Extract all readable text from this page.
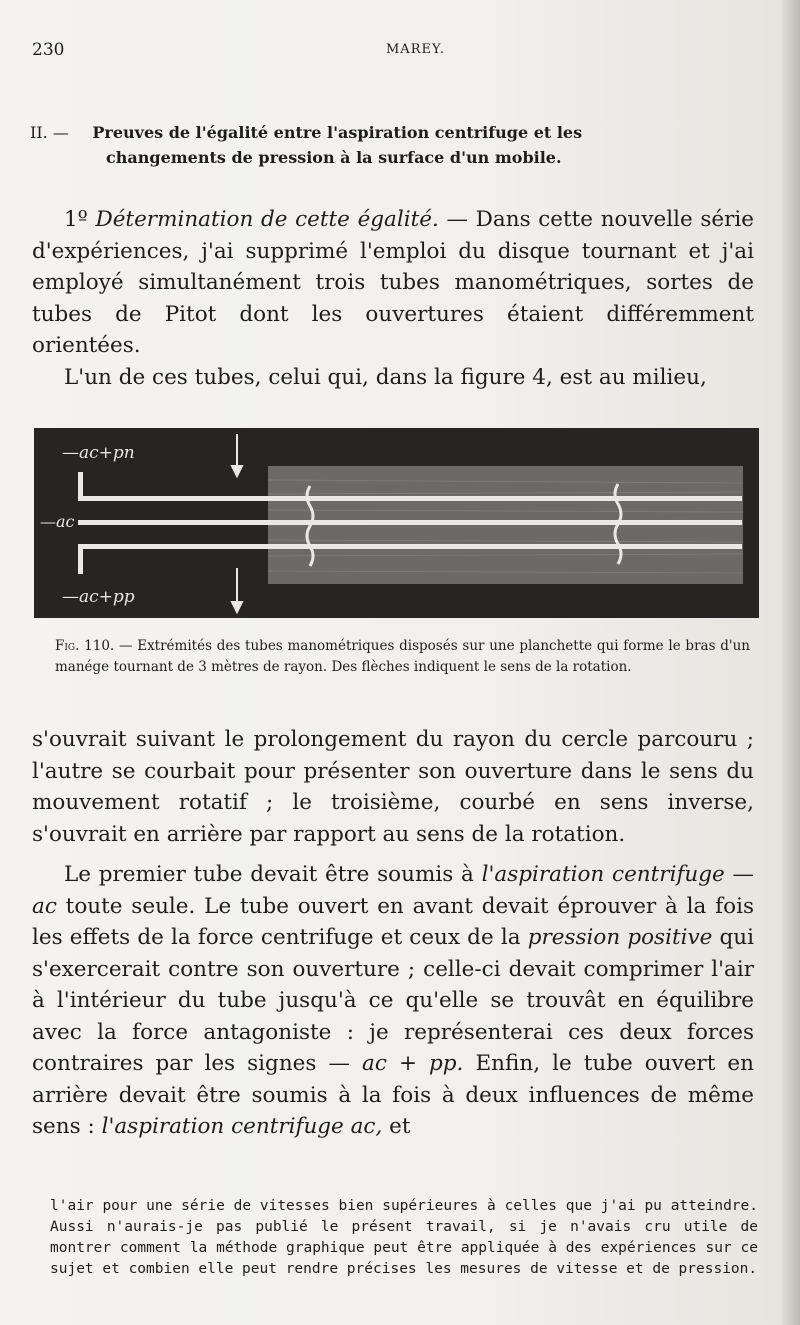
230	MAREY.
II. — Preuves de l'égalité entre l'aspiration centrifuge et les
changements de pression à la surface d'un mobile.

1º Détermination de cette égalité. — Dans cette nouvelle série d'expériences, j'ai supprimé l'emploi du disque tournant et j'ai employé simultanément trois tubes manométriques, sortes de tubes de Pitot dont les ouvertures étaient différemment orientées.

L'un de ces tubes, celui qui, dans la figure 4, est au milieu,

—ac+pn
—ac
—ac+pp
Fig. 110. — Extrémités des tubes manométriques disposés sur une planchette qui forme le bras d'un manége tournant de 3 mètres de rayon. Des flèches indiquent le sens de la rotation.

s'ouvrait suivant le prolongement du rayon du cercle parcouru ; l'autre se courbait pour présenter son ouverture dans le sens du mouvement rotatif ; le troisième, courbé en sens inverse, s'ouvrait en arrière par rapport au sens de la rotation.

Le premier tube devait être soumis à l'aspiration centrifuge — ac toute seule. Le tube ouvert en avant devait éprouver à la fois les effets de la force centrifuge et ceux de la pression positive qui s'exercerait contre son ouverture ; celle-ci devait comprimer l'air à l'intérieur du tube jusqu'à ce qu'elle se trouvât en équilibre avec la force antagoniste : je représenterai ces deux forces contraires par les signes — ac + pp. Enfin, le tube ouvert en arrière devait être soumis à la fois à deux influences de même sens : l'aspiration centrifuge ac, et

l'air pour une série de vitesses bien supérieures à celles que j'ai pu atteindre. Aussi n'aurais-je pas publié le présent travail, si je n'avais cru utile de montrer comment la méthode graphique peut être appliquée à des expériences sur ce sujet et combien elle peut rendre précises les mesures de vitesse et de pression.
